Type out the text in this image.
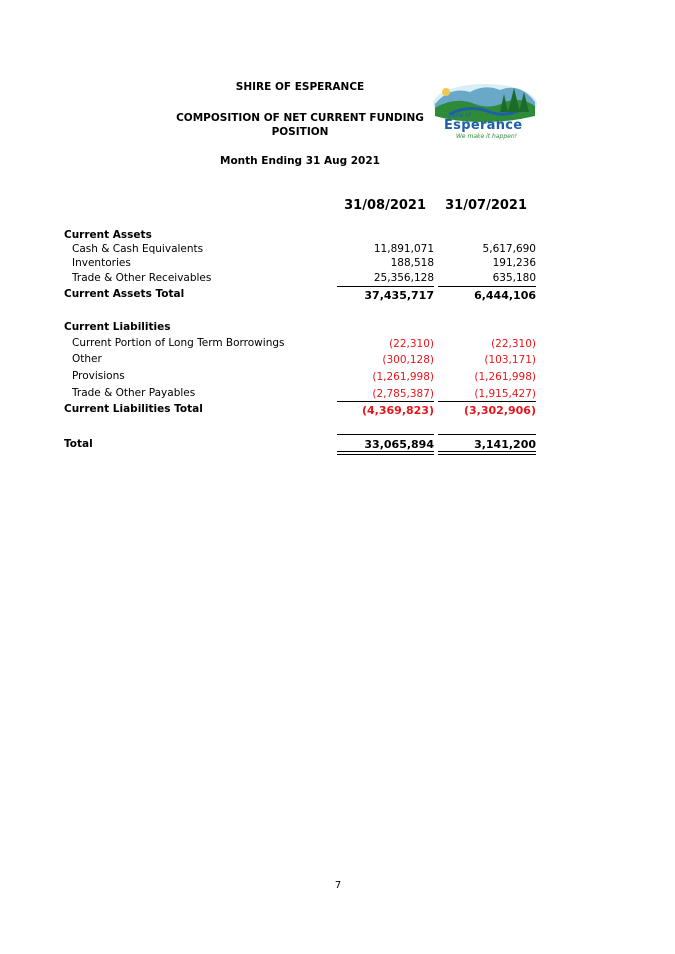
SHIRE OF ESPERANCE
COMPOSITION OF NET CURRENT FUNDING
POSITION
Month Ending 31 Aug 2021
Shire of
Esperance
We make it happen!
31/08/2021	31/07/2021
Current Assets
Cash & Cash Equivalents	11,891,071	5,617,690
Inventories	188,518	191,236
Trade & Other Receivables	25,356,128	635,180
Current Assets Total	37,435,717	6,444,106
Current Liabilities
Current Portion of Long Term Borrowings	(22,310)	(22,310)
Other	(300,128)	(103,171)
Provisions	(1,261,998)	(1,261,998)
Trade & Other Payables	(2,785,387)	(1,915,427)
Current Liabilities Total	(4,369,823)	(3,302,906)
Total	33,065,894	3,141,200
7
